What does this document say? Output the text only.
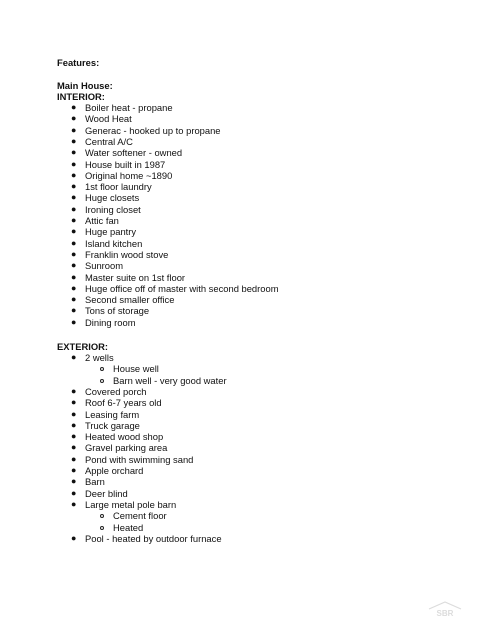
Features:
Main House:
INTERIOR:
● Boiler heat - propane
● Wood Heat
● Generac - hooked up to propane
● Central A/C
● Water softener - owned
● House built in 1987
● Original home ~1890
● 1st floor laundry
● Huge closets
● Ironing closet
● Attic fan
● Huge pantry
● Island kitchen
● Franklin wood stove
● Sunroom
● Master suite on 1st floor
● Huge office off of master with second bedroom
● Second smaller office
● Tons of storage
● Dining room
EXTERIOR:
● 2 wells
House well
Barn well - very good water
● Covered porch
● Roof 6-7 years old
● Leasing farm
● Truck garage
● Heated wood shop
● Gravel parking area
● Pond with swimming sand
● Apple orchard
● Barn
● Deer blind
● Large metal pole barn
Cement floor
Heated
● Pool - heated by outdoor furnace
SBR
